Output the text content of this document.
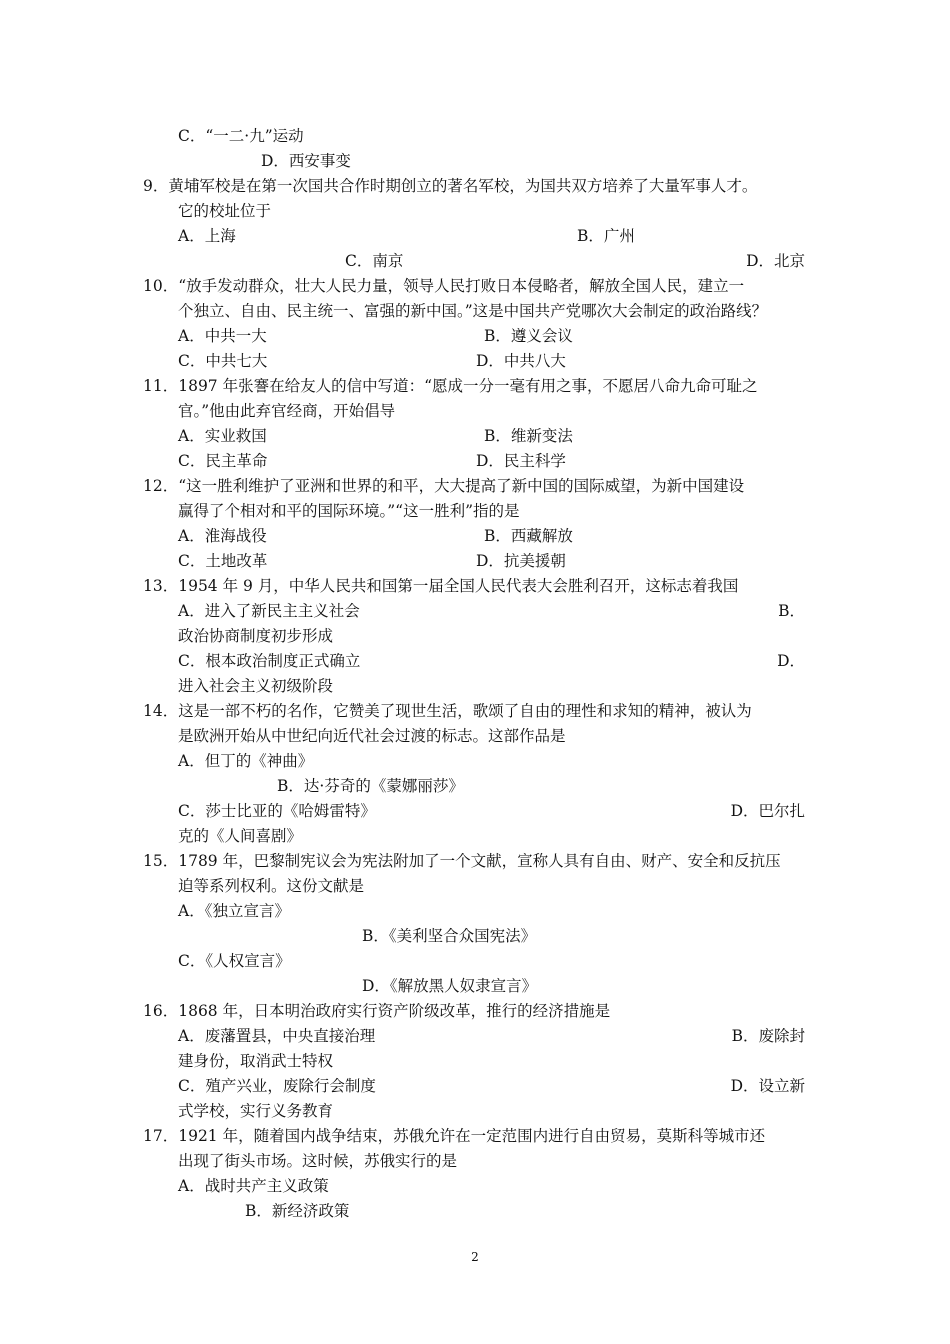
C．“一二·九”运动
D．西安事变
9．黄埔军校是在第一次国共合作时期创立的著名军校，为国共双方培养了大量军事人才。
它的校址位于
A．上海	B．广州
C．南京	D．北京
10．“放手发动群众，壮大人民力量，领导人民打败日本侵略者，解放全国人民，建立一
个独立、自由、民主统一、富强的新中国。”这是中国共产党哪次大会制定的政治路线？
A．中共一大	B．遵义会议
C．中共七大	D．中共八大
11．1897 年张謇在给友人的信中写道：“愿成一分一毫有用之事，不愿居八命九命可耻之
官。”他由此弃官经商，开始倡导
A．实业救国	B．维新变法
C．民主革命	D．民主科学
12．“这一胜利维护了亚洲和世界的和平，大大提高了新中国的国际威望，为新中国建设
赢得了个相对和平的国际环境。”“这一胜利”指的是
A．淮海战役	B．西藏解放
C．土地改革	D．抗美援朝
13．1954 年 9 月，中华人民共和国第一届全国人民代表大会胜利召开，这标志着我国
A．进入了新民主主义社会	B．
政治协商制度初步形成
C．根本政治制度正式确立	D．
进入社会主义初级阶段
14．这是一部不朽的名作，它赞美了现世生活，歌颂了自由的理性和求知的精神，被认为
是欧洲开始从中世纪向近代社会过渡的标志。这部作品是
A．但丁的《神曲》
B．达·芬奇的《蒙娜丽莎》
C．莎士比亚的《哈姆雷特》	D．巴尔扎
克的《人间喜剧》
15．1789 年，巴黎制宪议会为宪法附加了一个文献，宣称人具有自由、财产、安全和反抗压
迫等系列权利。这份文献是
A．《独立宣言》
B．《美利坚合众国宪法》
C．《人权宣言》
D．《解放黑人奴隶宣言》
16．1868 年，日本明治政府实行资产阶级改革，推行的经济措施是
A．废藩置县，中央直接治理	B．废除封
建身份，取消武士特权
C．殖产兴业，废除行会制度	D．设立新
式学校，实行义务教育
17．1921 年，随着国内战争结束，苏俄允许在一定范围内进行自由贸易，莫斯科等城市还
出现了街头市场。这时候，苏俄实行的是
A．战时共产主义政策
B．新经济政策
2
